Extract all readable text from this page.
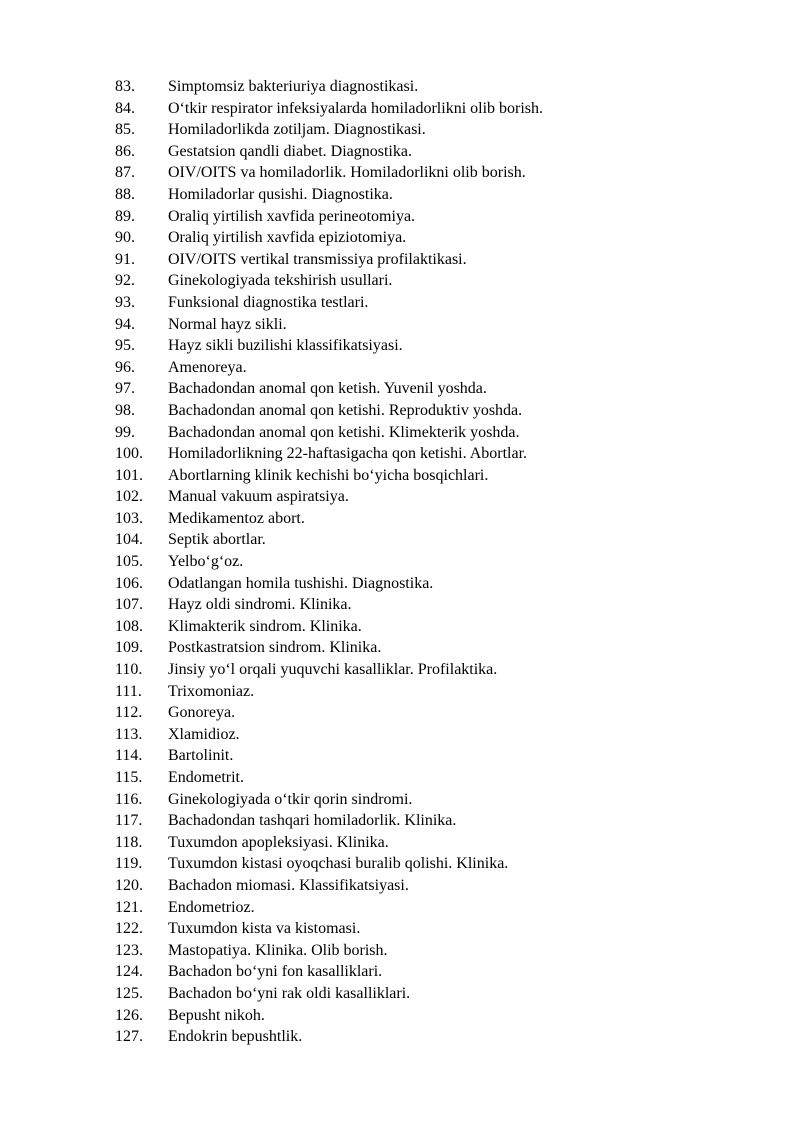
83.	Simptomsiz bakteriuriya diagnostikasi.
84.	O‘tkir respirator infeksiyalarda homiladorlikni olib borish.
85.	Homiladorlikda zotiljam. Diagnostikasi.
86.	Gestatsion qandli diabet. Diagnostika.
87.	OIV/OITS va homiladorlik. Homiladorlikni olib borish.
88.	Homiladorlar qusishi. Diagnostika.
89.	Oraliq yirtilish xavfida perineotomiya.
90.	Oraliq yirtilish xavfida epiziotomiya.
91.	OIV/OITS vertikal transmissiya profilaktikasi.
92.	Ginekologiyada tekshirish usullari.
93.	Funksional diagnostika testlari.
94.	Normal hayz sikli.
95.	Hayz sikli buzilishi klassifikatsiyasi.
96.	Amenoreya.
97.	Bachadondan anomal qon ketish. Yuvenil yoshda.
98.	Bachadondan anomal qon ketishi. Reproduktiv yoshda.
99.	Bachadondan anomal qon ketishi. Klimekterik yoshda.
100.	Homiladorlikning 22-haftasigacha qon ketishi. Abortlar.
101.	Abortlarning klinik kechishi bo‘yicha bosqichlari.
102.	Manual vakuum aspiratsiya.
103.	Medikamentoz abort.
104.	Septik abortlar.
105.	Yelbo‘g‘oz.
106.	Odatlangan homila tushishi. Diagnostika.
107.	Hayz oldi sindromi. Klinika.
108.	Klimakterik sindrom. Klinika.
109.	Postkastratsion sindrom. Klinika.
110.	Jinsiy yo‘l orqali yuquvchi kasalliklar. Profilaktika.
111.	Trixomoniaz.
112.	Gonoreya.
113.	Xlamidioz.
114.	Bartolinit.
115.	Endometrit.
116.	Ginekologiyada o‘tkir qorin sindromi.
117.	Bachadondan tashqari homiladorlik. Klinika.
118.	Tuxumdon apopleksiyasi. Klinika.
119.	Tuxumdon kistasi oyoqchasi buralib qolishi. Klinika.
120.	Bachadon miomasi. Klassifikatsiyasi.
121.	Endometrioz.
122.	Tuxumdon kista va kistomasi.
123.	Mastopatiya. Klinika. Olib borish.
124.	Bachadon bo‘yni fon kasalliklari.
125.	Bachadon bo‘yni rak oldi kasalliklari.
126.	Bepusht nikoh.
127.	Endokrin bepushtlik.
